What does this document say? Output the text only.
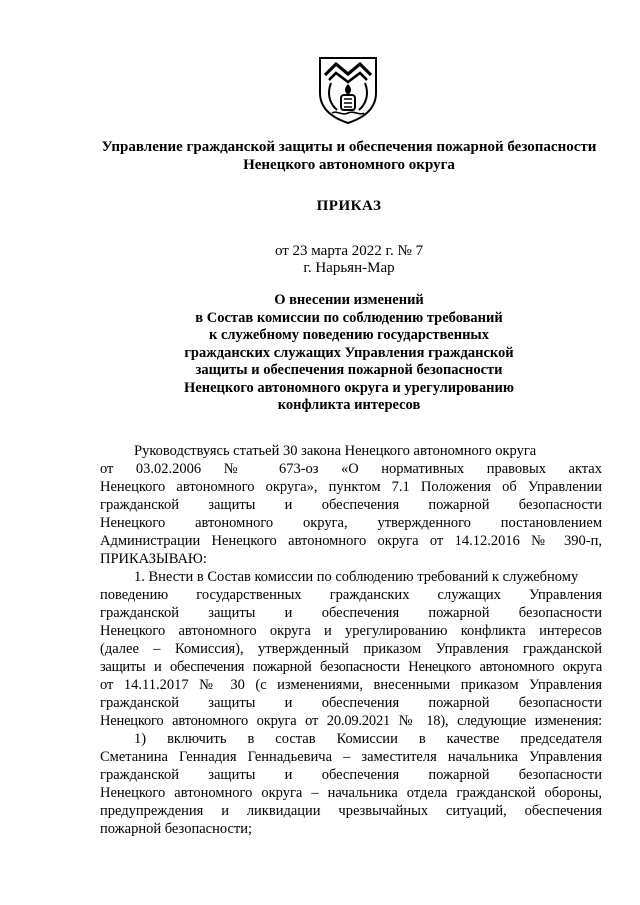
Управление гражданской защиты и обеспечения пожарной безопасности
Ненецкого автономного округа
ПРИКАЗ
от 23 марта 2022 г. № 7
г. Нарьян-Мар
О внесении изменений
в Состав комиссии по соблюдению требований
к служебному поведению государственных
гражданских служащих Управления гражданской
защиты и обеспечения пожарной безопасности
Ненецкого автономного округа и урегулированию
конфликта интересов
Руководствуясь статьей 30 закона Ненецкого автономного округа
от 03.02.2006 № 673-оз «О нормативных правовых актах
Ненецкого автономного округа», пунктом 7.1 Положения об Управлении
гражданской защиты и обеспечения пожарной безопасности
Ненецкого автономного округа, утвержденного постановлением
Администрации Ненецкого автономного округа от 14.12.2016 № 390-п,
ПРИКАЗЫВАЮ:
1. Внести в Состав комиссии по соблюдению требований к служебному
поведению государственных гражданских служащих Управления
гражданской защиты и обеспечения пожарной безопасности
Ненецкого автономного округа и урегулированию конфликта интересов
(далее – Комиссия), утвержденный приказом Управления гражданской
защиты и обеспечения пожарной безопасности Ненецкого автономного округа
от 14.11.2017 № 30 (с изменениями, внесенными приказом Управления
гражданской защиты и обеспечения пожарной безопасности
Ненецкого автономного округа от 20.09.2021 № 18), следующие изменения:
1) включить в состав Комиссии в качестве председателя
Сметанина Геннадия Геннадьевича – заместителя начальника Управления
гражданской защиты и обеспечения пожарной безопасности
Ненецкого автономного округа – начальника отдела гражданской обороны,
предупреждения и ликвидации чрезвычайных ситуаций, обеспечения
пожарной безопасности;
